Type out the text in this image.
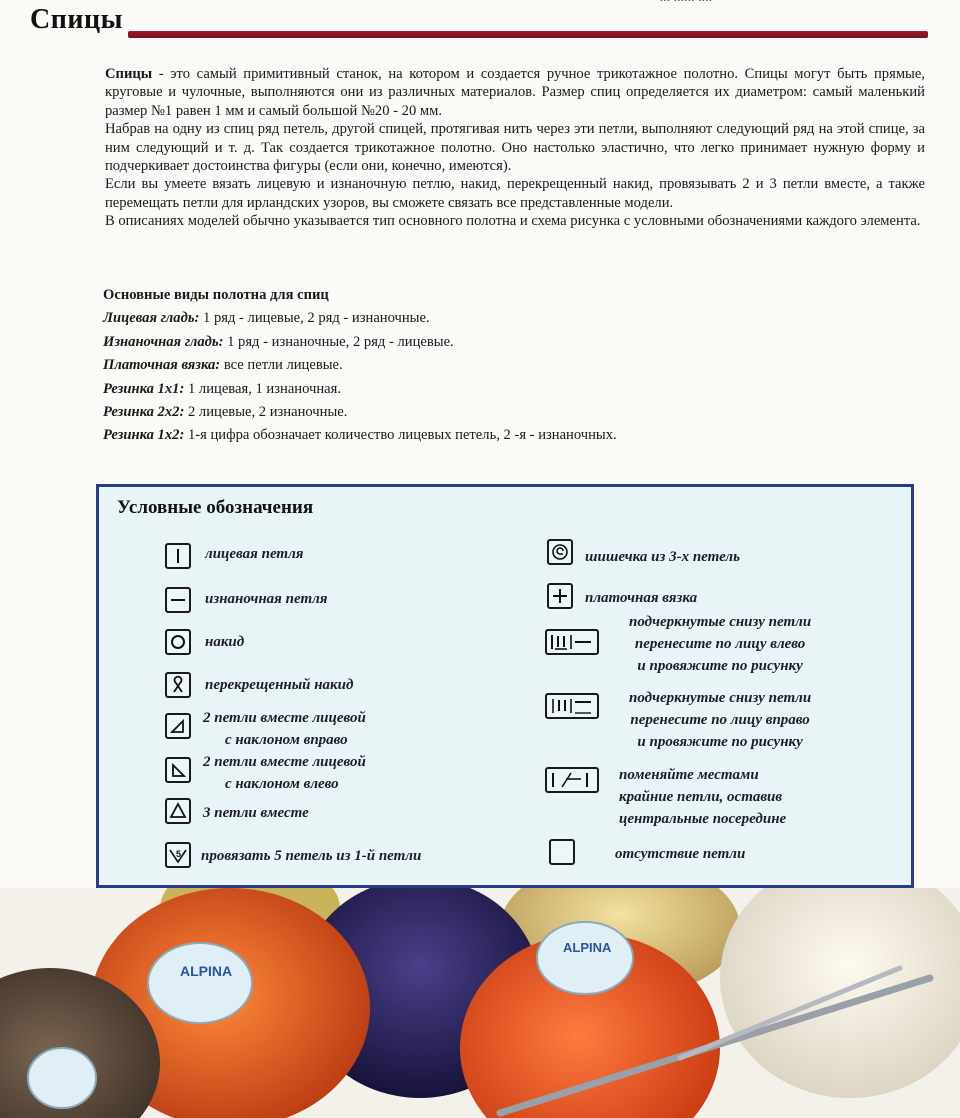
Спицы

Спицы - это самый примитивный станок, на котором и создается ручное трикотажное полотно. Спицы могут быть прямые, круговые и чулочные, выполняются они из различных материалов. Размер спиц определяется их диаметром: самый маленький размер №1 равен 1 мм и самый большой №20 - 20 мм.

Набрав на одну из спиц ряд петель, другой спицей, протягивая нить через эти петли, выполняют следующий ряд на этой спице, за ним следующий и т. д. Так создается трикотажное полотно. Оно настолько эластично, что легко принимает нужную форму и подчеркивает достоинства фигуры (если они, конечно, имеются).

Если вы умеете вязать лицевую и изнаночную петлю, накид, перекрещенный накид, провязывать 2 и 3 петли вместе, а также перемещать петли для ирландских узоров, вы сможете связать все представленные модели.

В описаниях моделей обычно указывается тип основного полотна и схема рисунка с условными обозначениями каждого элемента.

Основные виды полотна для спиц
Лицевая гладь: 1 ряд - лицевые, 2 ряд - изнаночные.
Изнаночная гладь: 1 ряд - изнаночные, 2 ряд - лицевые.
Платочная вязка: все петли лицевые.
Резинка 1х1: 1 лицевая, 1 изнаночная.
Резинка 2х2: 2 лицевые, 2 изнаночные.
Резинка 1х2: 1-я цифра обозначает количество лицевых петель, 2 -я - изнаночных.
Условные обозначения
лицевая петля
изнаночная петля
накид
перекрещенный накид
2 петли вместе лицевой
с наклоном вправо
2 петли вместе лицевой
с наклоном влево
3 петли вместе
5 провязать 5 петель из 1-й петли
шишечка из 3-х петель
платочная вязка
подчеркнутые снизу петли
перенесите по лицу влево
и провяжите по рисунку
подчеркнутые снизу петли
перенесите по лицу вправо
и провяжите по рисунку
поменяйте местами
крайние петли, оставив
центральные посередине
отсутствие петли
ALPINA
ALPINA
